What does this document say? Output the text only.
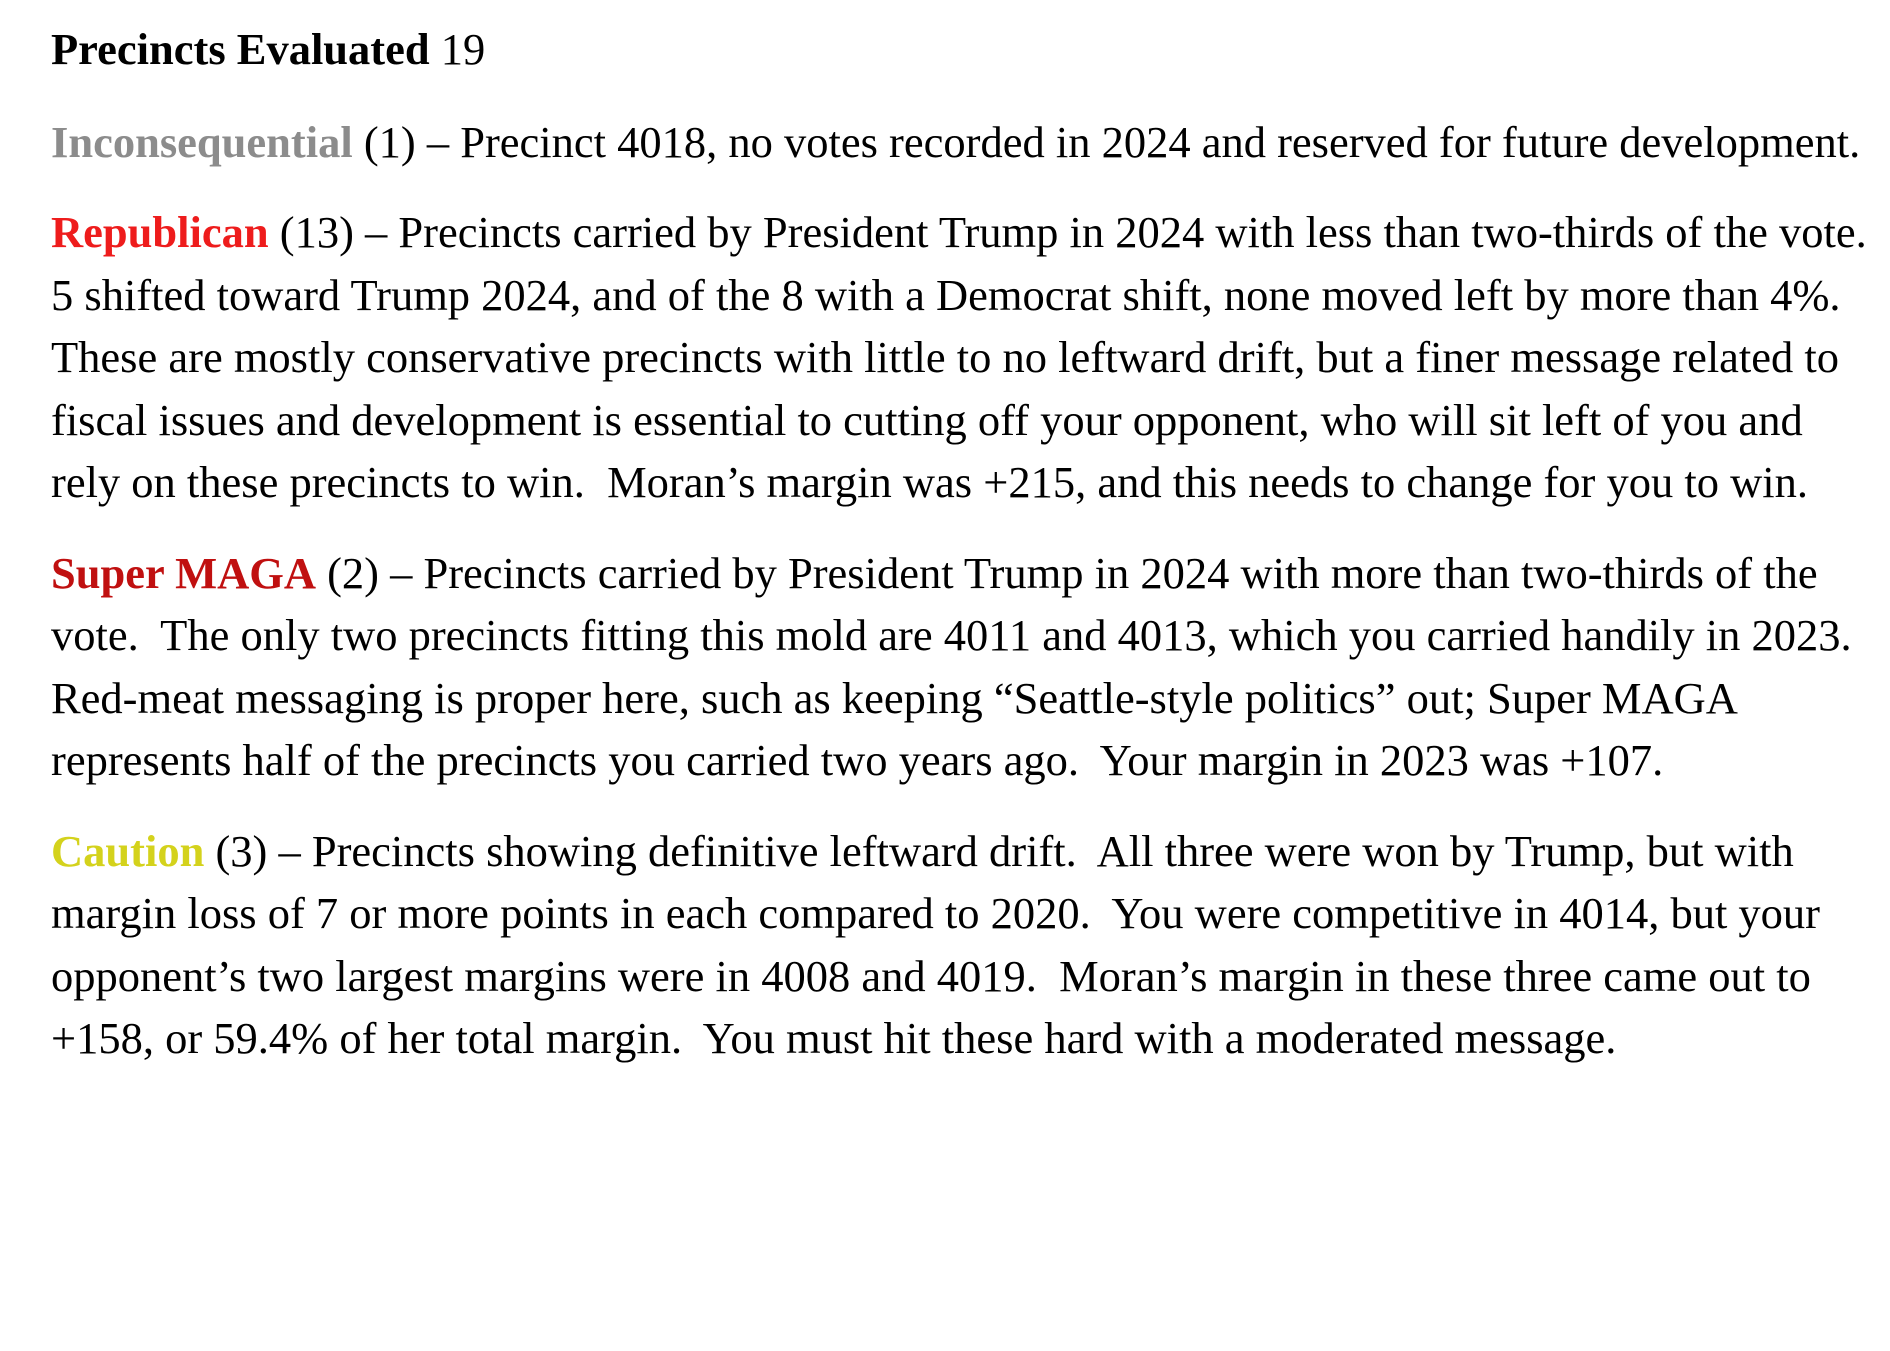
Precincts Evaluated 19

Inconsequential (1) – Precinct 4018, no votes recorded in 2024 and reserved for future development.

Republican (13) – Precincts carried by President Trump in 2024 with less than two-thirds of the vote.  5 shifted toward Trump 2024, and of the 8 with a Democrat shift, none moved left by more than 4%.  These are mostly conservative precincts with little to no leftward drift, but a finer message related to fiscal issues and development is essential to cutting off your opponent, who will sit left of you and rely on these precincts to win.  Moran’s margin was +215, and this needs to change for you to win.

Super MAGA (2) – Precincts carried by President Trump in 2024 with more than two-thirds of the vote.  The only two precincts fitting this mold are 4011 and 4013, which you carried handily in 2023.  Red-meat messaging is proper here, such as keeping “Seattle-style politics” out; Super MAGA represents half of the precincts you carried two years ago.  Your margin in 2023 was +107.

Caution (3) – Precincts showing definitive leftward drift.  All three were won by Trump, but with margin loss of 7 or more points in each compared to 2020.  You were competitive in 4014, but your opponent’s two largest margins were in 4008 and 4019.  Moran’s margin in these three came out to +158, or 59.4% of her total margin.  You must hit these hard with a moderated message.
